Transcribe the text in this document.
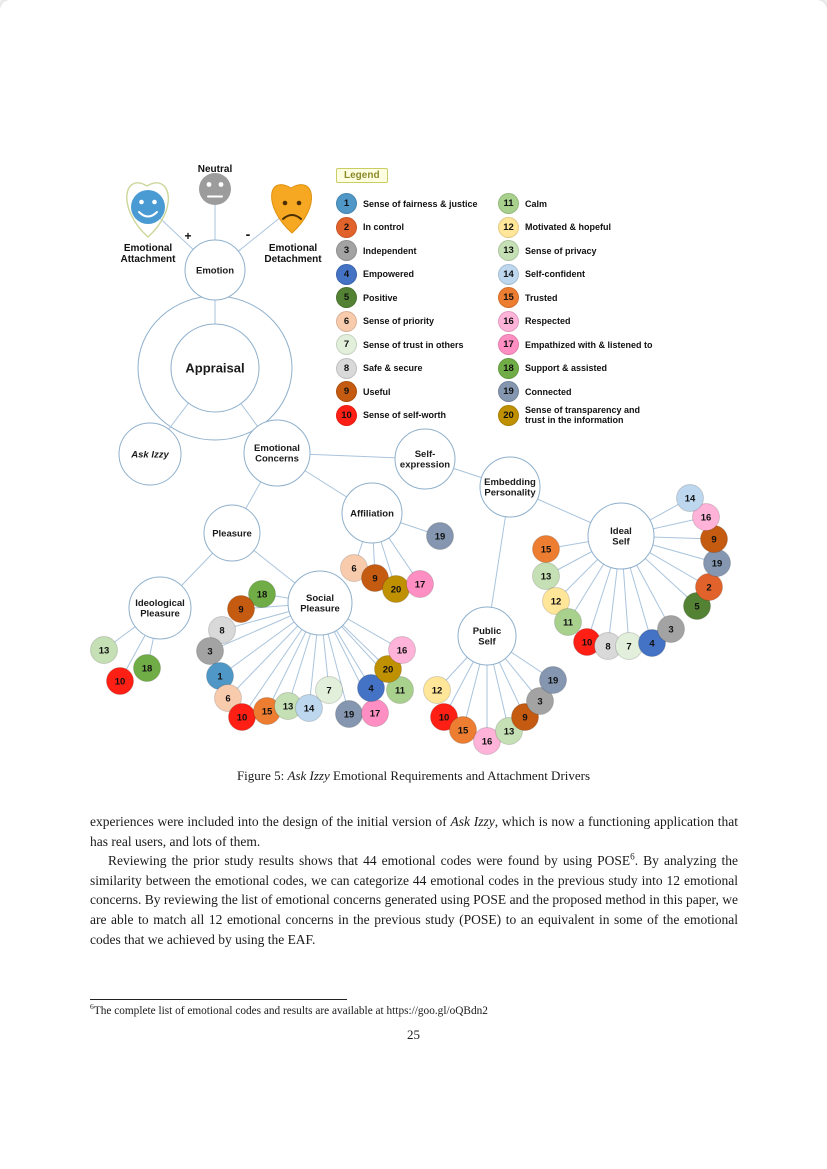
Emotion
Appraisal
Ask Izzy
Emotional Concerns	Self-expression
Embedding Personality
Affiliation
Pleasure	Ideal Self
Ideological Pleasure
Social Pleasure
Public Self
13
10
18
18
9
8
3
1
6
10
15 13 14
7
19 17
4 11
20
16
19
6
9
20 17
12
10
15
16
13
9
3
19
15
13
12
11
10 8 7 4
3
5
2
19
9
16
14
Neutral
Emotional
Attachment
Emotional
Detachment
+	-
Legend
1	Sense of fairness & justice
2	In control
3	Independent
4	Empowered
5	Positive
6	Sense of priority
7	Sense of trust in others
8	Safe & secure
9	Useful
10	Sense of self-worth
11	Calm
12	Motivated & hopeful
13	Sense of privacy
14	Self-confident
15	Trusted
16	Respected
17	Empathized with & listened to
18	Support & assisted
19	Connected
20	Sense of transparency and trust in the information
Figure 5: Ask Izzy Emotional Requirements and Attachment Drivers

experiences were included into the design of the initial version of Ask Izzy, which is now a functioning application that has real users, and lots of them.

Reviewing the prior study results shows that 44 emotional codes were found by using POSE$^6$. By analyzing the similarity between the emotional codes, we can categorize 44 emotional codes in the previous study into 12 emotional concerns. By reviewing the list of emotional concerns generated using POSE and the proposed method in this paper, we are able to match all 12 emotional concerns in the previous study (POSE) to an equivalent in some of the emotional codes that we achieved by using the EAF.

$^6$The complete list of emotional codes and results are available at https://goo.gl/oQBdn2
25
